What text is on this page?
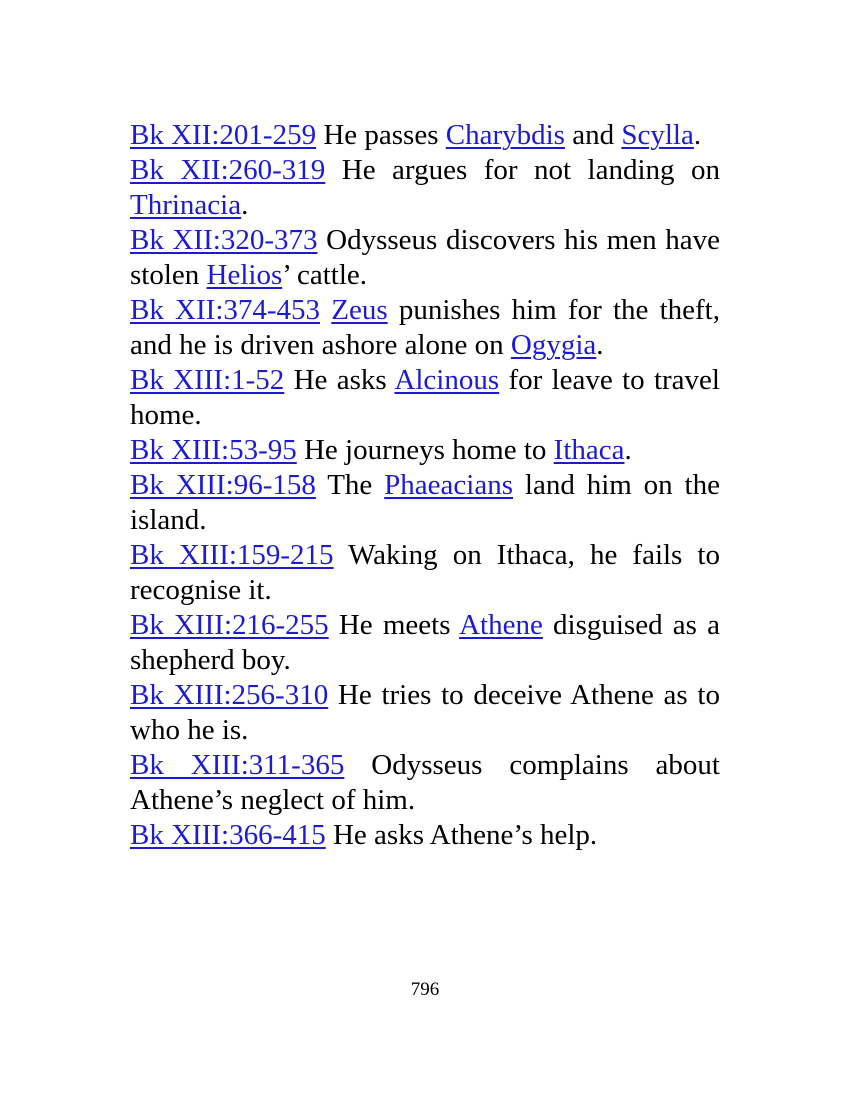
Bk XII:201-259 He passes Charybdis and Scylla.

Bk XII:260-319 He argues for not landing on Thrinacia.

Bk XII:320-373 Odysseus discovers his men have stolen Helios’ cattle.

Bk XII:374-453 Zeus punishes him for the theft, and he is driven ashore alone on Ogygia.

Bk XIII:1-52 He asks Alcinous for leave to travel home.

Bk XIII:53-95 He journeys home to Ithaca.

Bk XIII:96-158 The Phaeacians land him on the island.

Bk XIII:159-215 Waking on Ithaca, he fails to recognise it.

Bk XIII:216-255 He meets Athene disguised as a shepherd boy.

Bk XIII:256-310 He tries to deceive Athene as to who he is.

Bk XIII:311-365 Odysseus complains about Athene’s neglect of him.

Bk XIII:366-415 He asks Athene’s help.

796
